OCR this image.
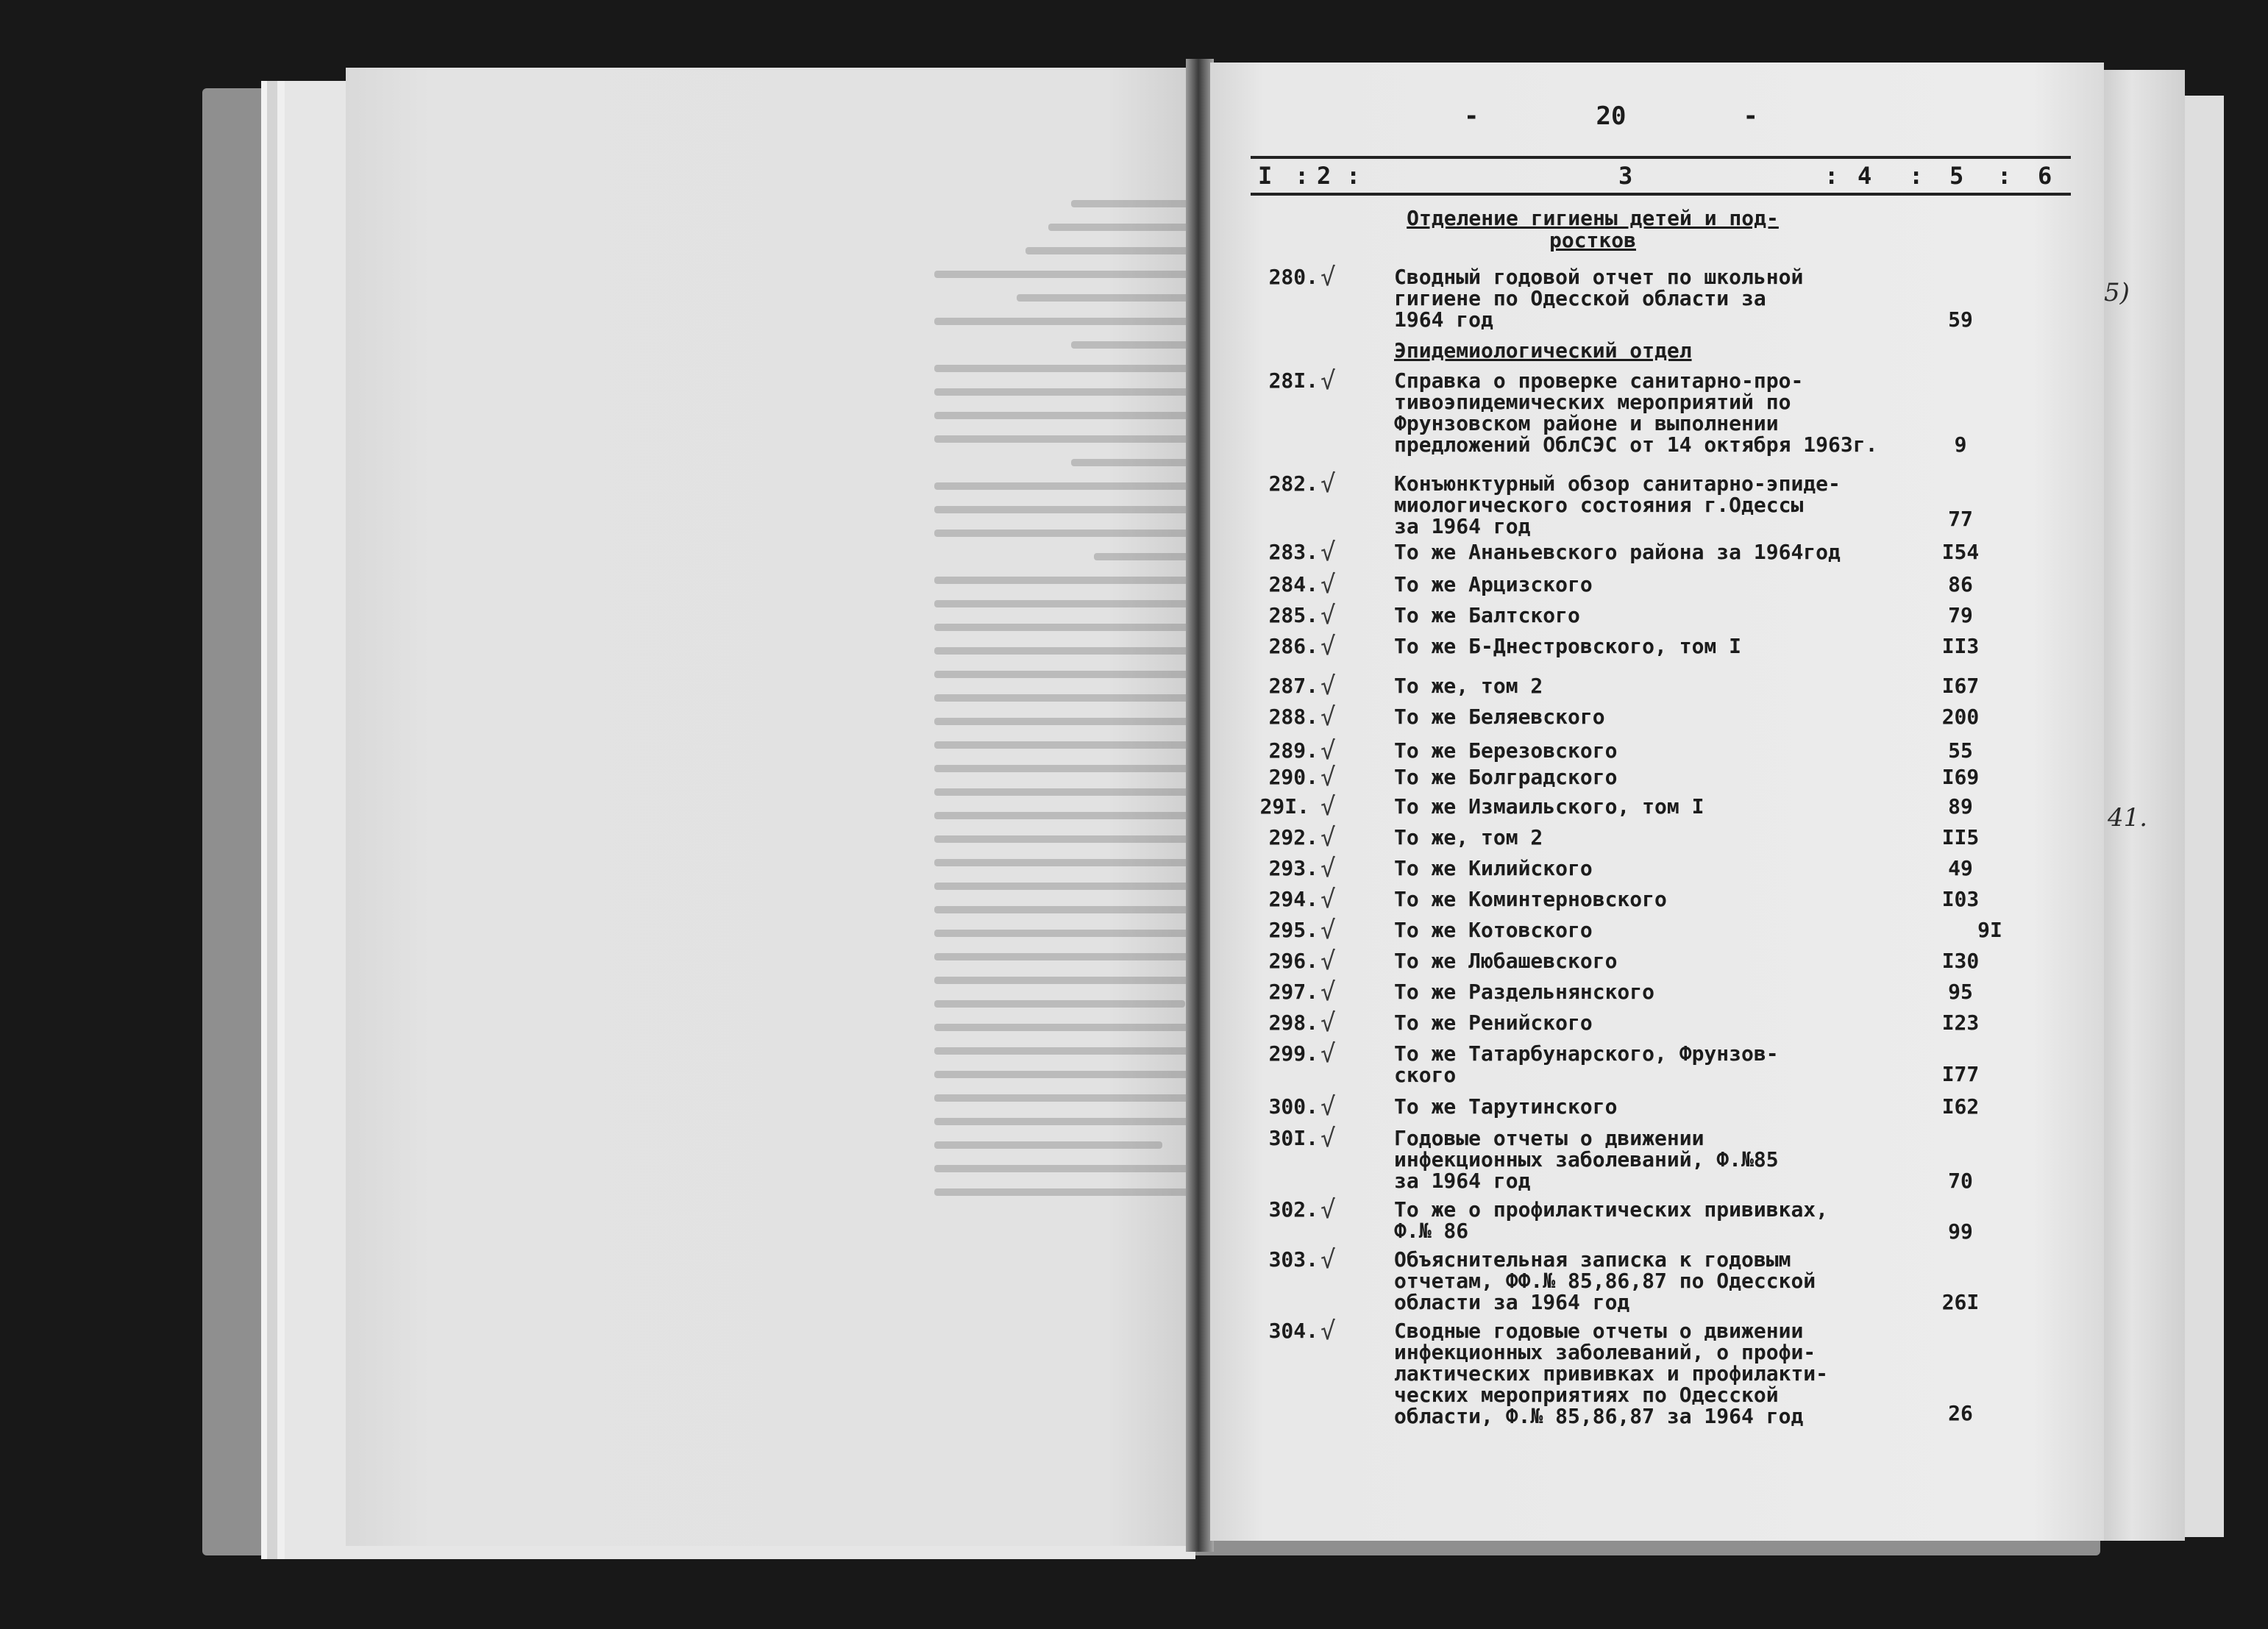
-	20	-
I : 2 :	3	: 4 : 5 : 6
Отделение гигиены детей и под-
ростков
Эпидемиологический отдел
280. √	Сводный годовой отчет по школьной
гигиене по Одесской области за
1964 год	59
28I. √	Справка о проверке санитарно-про-
тивоэпидемических мероприятий по
Фрунзовском районе и выполнении
предложений ОблСЭС от 14 октября 1963г.	9
282. √	Конъюнктурный обзор санитарно-эпиде-
миологического состояния г.Одессы
за 1964 год	77
283. √	То же Ананьевского района за 1964год	I54
284. √	То же Арцизского	86
285. √	То же Балтского	79
286. √	То же Б-Днестровского, том I	II3
287. √	То же, том 2	I67
288. √	То же Беляевского	200
289. √	То же Березовского	55
290. √	То же Болградского	I69
29I. √	То же Измаильского, том I	89
292. √	То же, том 2	II5
293. √	То же Килийского	49
294. √	То же Коминтерновского	I03
295. √	То же Котовского	9I
296. √	То же Любашевского	I30
297. √	То же Раздельнянского	95
298. √	То же Ренийского	I23
299. √	То же Татарбунарского, Фрунзов-
ского	I77
300. √	То же Тарутинского	I62
30I. √	Годовые отчеты о движении
инфекционных заболеваний, Ф.№85
за 1964 год	70
302. √	То же о профилактических прививках,
Ф.№ 86	99
303. √	Объяснительная записка к годовым
отчетам, ФФ.№ 85,86,87 по Одесской
области за 1964 год	26I
304. √	Сводные годовые отчеты о движении
инфекционных заболеваний, о профи-
лактических прививках и профилакти-
ческих мероприятиях по Одесской
области, Ф.№ 85,86,87 за 1964 год	26
5)
41.
